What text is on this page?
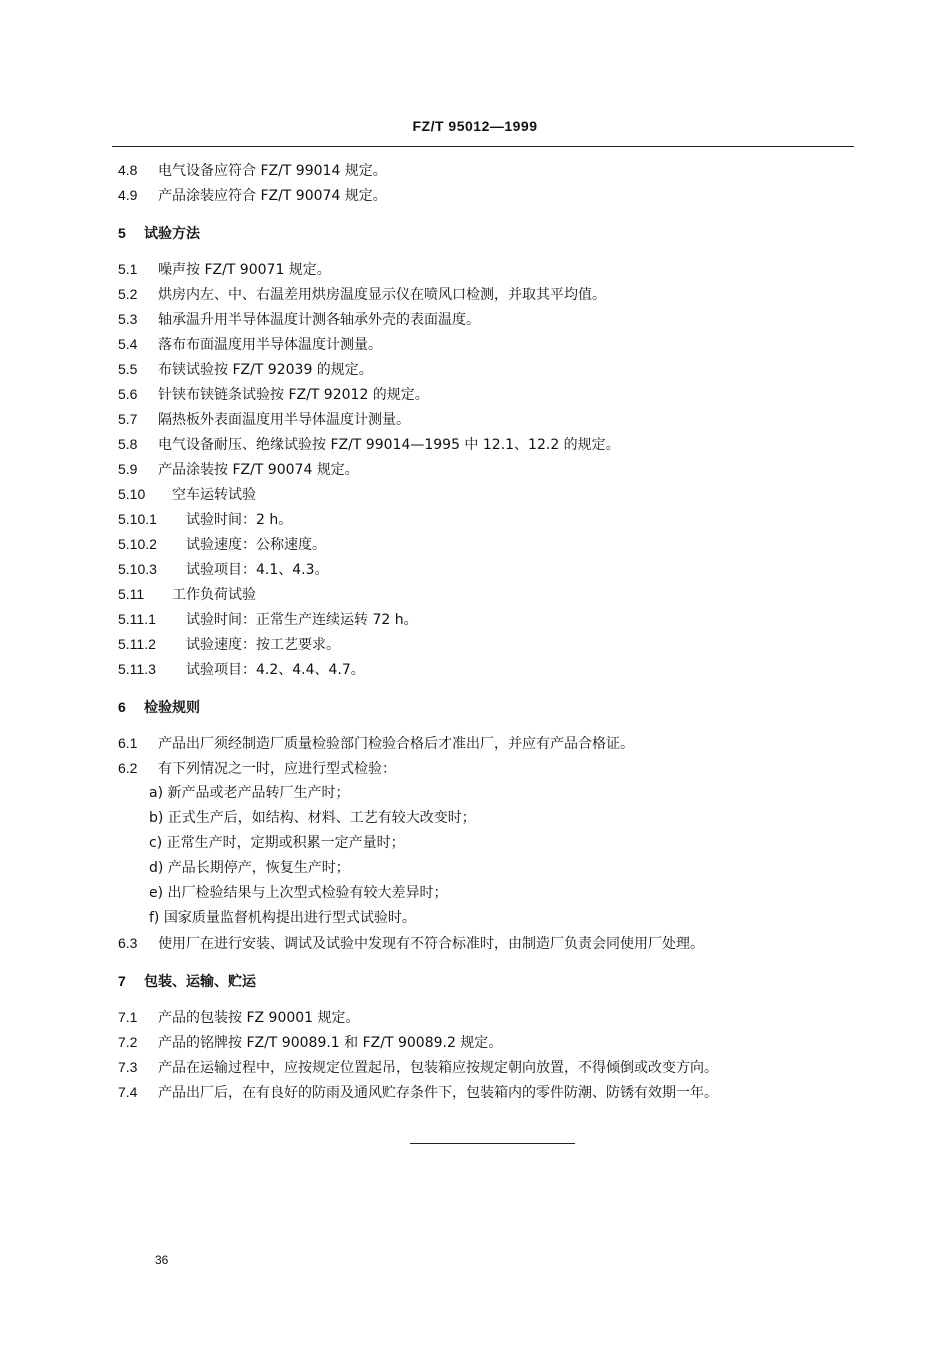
FZ/T 95012—1999
4.8 电气设备应符合 FZ/T 99014 规定。
4.9 产品涂装应符合 FZ/T 90074 规定。
5 试验方法
5.1 噪声按 FZ/T 90071 规定。
5.2 烘房内左、中、右温差用烘房温度显示仪在喷风口检测，并取其平均值。
5.3 轴承温升用半导体温度计测各轴承外壳的表面温度。
5.4 落布布面温度用半导体温度计测量。
5.5 布铗试验按 FZ/T 92039 的规定。
5.6 针铗布铗链条试验按 FZ/T 92012 的规定。
5.7 隔热板外表面温度用半导体温度计测量。
5.8 电气设备耐压、绝缘试验按 FZ/T 99014—1995 中 12.1、12.2 的规定。
5.9 产品涂装按 FZ/T 90074 规定。
5.10 空车运转试验
5.10.1 试验时间：2 h。
5.10.2 试验速度：公称速度。
5.10.3 试验项目：4.1、4.3。
5.11 工作负荷试验
5.11.1 试验时间：正常生产连续运转 72 h。
5.11.2 试验速度：按工艺要求。
5.11.3 试验项目：4.2、4.4、4.7。
6 检验规则
6.1 产品出厂须经制造厂质量检验部门检验合格后才准出厂，并应有产品合格证。
6.2 有下列情况之一时，应进行型式检验：
a) 新产品或老产品转厂生产时；
b) 正式生产后，如结构、材料、工艺有较大改变时；
c) 正常生产时，定期或积累一定产量时；
d) 产品长期停产，恢复生产时；
e) 出厂检验结果与上次型式检验有较大差异时；
f) 国家质量监督机构提出进行型式试验时。
6.3 使用厂在进行安装、调试及试验中发现有不符合标准时，由制造厂负责会同使用厂处理。
7 包装、运输、贮运
7.1 产品的包装按 FZ 90001 规定。
7.2 产品的铭牌按 FZ/T 90089.1 和 FZ/T 90089.2 规定。
7.3 产品在运输过程中，应按规定位置起吊，包装箱应按规定朝向放置，不得倾倒或改变方向。
7.4 产品出厂后，在有良好的防雨及通风贮存条件下，包装箱内的零件防潮、防锈有效期一年。
36
